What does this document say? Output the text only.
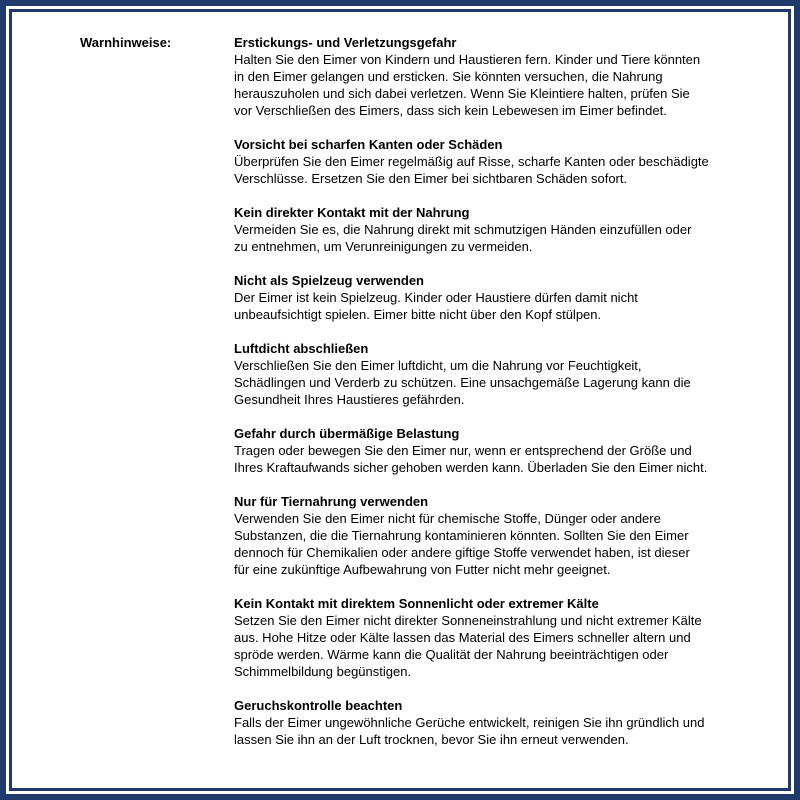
Warnhinweise:	Erstickungs- und Verletzungsgefahr

Halten Sie den Eimer von Kindern und Haustieren fern. Kinder und Tiere könnten
in den Eimer gelangen und ersticken. Sie könnten versuchen, die Nahrung
herauszuholen und sich dabei verletzen. Wenn Sie Kleintiere halten, prüfen Sie
vor Verschließen des Eimers, dass sich kein Lebewesen im Eimer befindet.

Vorsicht bei scharfen Kanten oder Schäden

Überprüfen Sie den Eimer regelmäßig auf Risse, scharfe Kanten oder beschädigte
Verschlüsse. Ersetzen Sie den Eimer bei sichtbaren Schäden sofort.

Kein direkter Kontakt mit der Nahrung

Vermeiden Sie es, die Nahrung direkt mit schmutzigen Händen einzufüllen oder
zu entnehmen, um Verunreinigungen zu vermeiden.

Nicht als Spielzeug verwenden

Der Eimer ist kein Spielzeug. Kinder oder Haustiere dürfen damit nicht
unbeaufsichtigt spielen. Eimer bitte nicht über den Kopf stülpen.

Luftdicht abschließen

Verschließen Sie den Eimer luftdicht, um die Nahrung vor Feuchtigkeit,
Schädlingen und Verderb zu schützen. Eine unsachgemäße Lagerung kann die
Gesundheit Ihres Haustieres gefährden.

Gefahr durch übermäßige Belastung

Tragen oder bewegen Sie den Eimer nur, wenn er entsprechend der Größe und
Ihres Kraftaufwands sicher gehoben werden kann. Überladen Sie den Eimer nicht.

Nur für Tiernahrung verwenden

Verwenden Sie den Eimer nicht für chemische Stoffe, Dünger oder andere
Substanzen, die die Tiernahrung kontaminieren könnten. Sollten Sie den Eimer
dennoch für Chemikalien oder andere giftige Stoffe verwendet haben, ist dieser
für eine zukünftige Aufbewahrung von Futter nicht mehr geeignet.

Kein Kontakt mit direktem Sonnenlicht oder extremer Kälte

Setzen Sie den Eimer nicht direkter Sonneneinstrahlung und nicht extremer Kälte
aus. Hohe Hitze oder Kälte lassen das Material des Eimers schneller altern und
spröde werden. Wärme kann die Qualität der Nahrung beeinträchtigen oder
Schimmelbildung begünstigen.

Geruchskontrolle beachten

Falls der Eimer ungewöhnliche Gerüche entwickelt, reinigen Sie ihn gründlich und
lassen Sie ihn an der Luft trocknen, bevor Sie ihn erneut verwenden.
